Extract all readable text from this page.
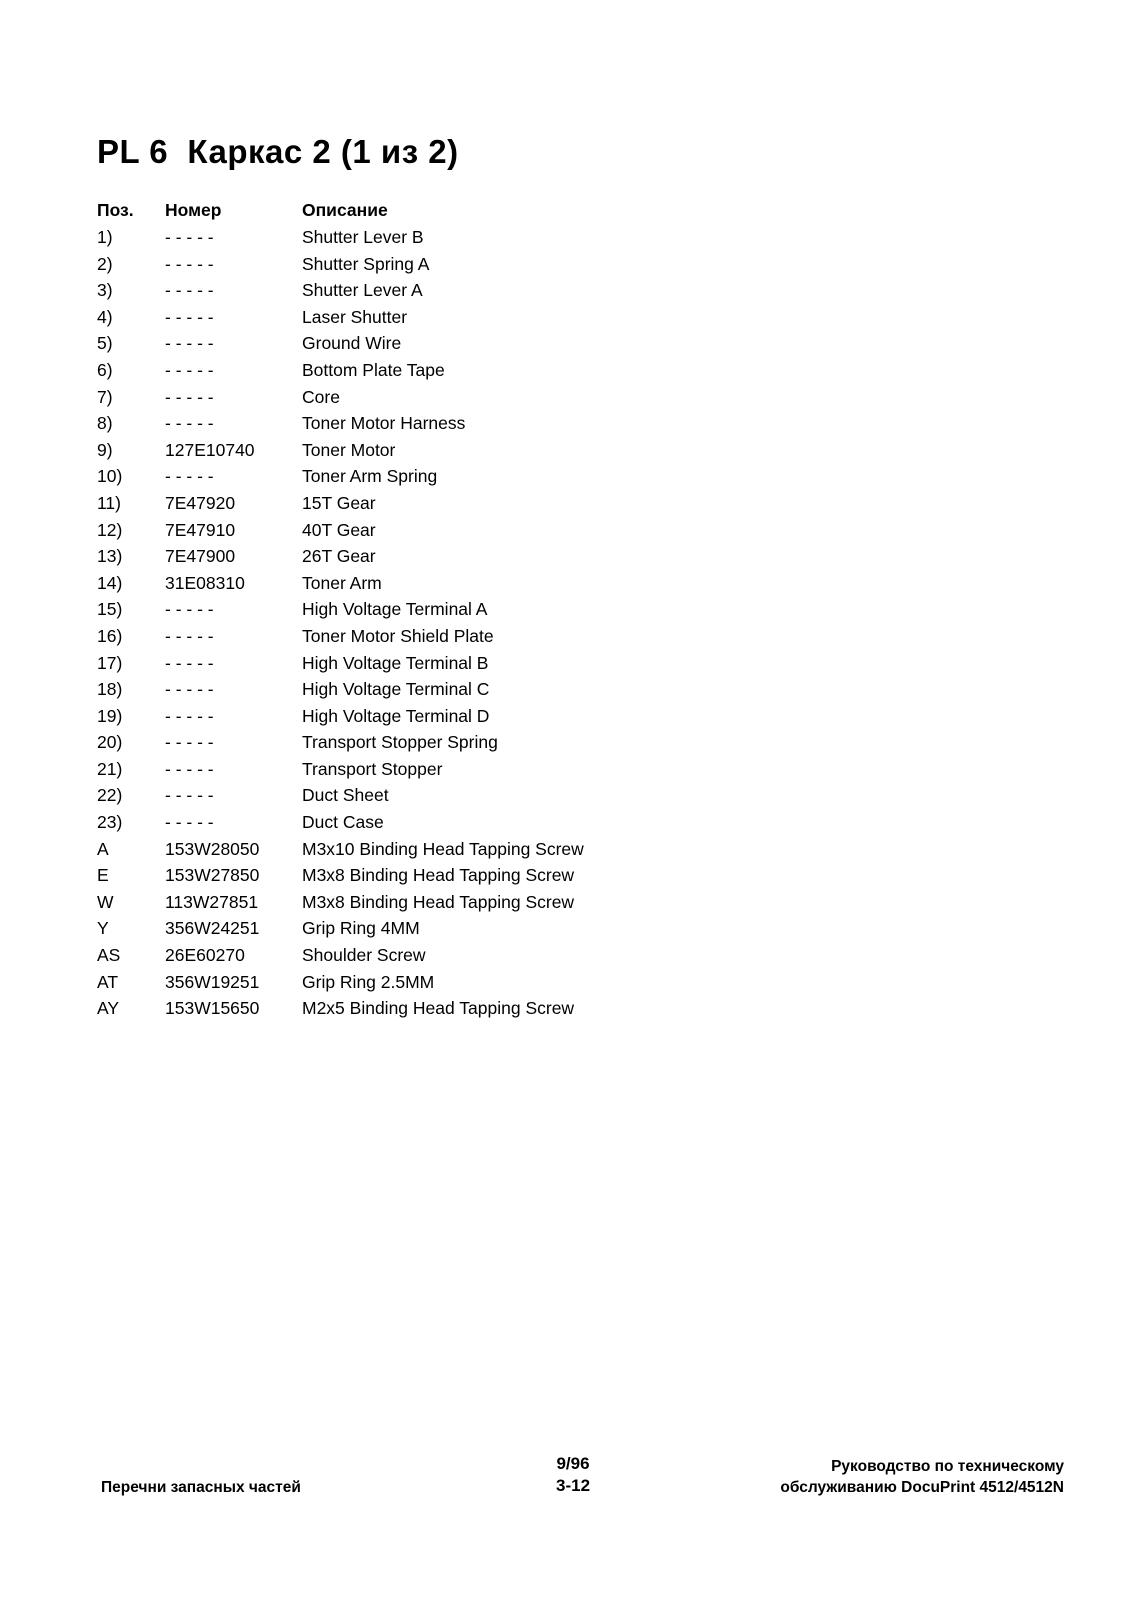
PL 6  Каркас 2 (1 из 2)
Поз.	Номер	Описание
1)	- - - - -	Shutter Lever B
2)	- - - - -	Shutter Spring A
3)	- - - - -	Shutter Lever A
4)	- - - - -	Laser Shutter
5)	- - - - -	Ground Wire
6)	- - - - -	Bottom Plate Tape
7)	- - - - -	Core
8)	- - - - -	Toner Motor Harness
9)	127E10740	Toner Motor
10)	- - - - -	Toner Arm Spring
11)	7E47920	15T Gear
12)	7E47910	40T Gear
13)	7E47900	26T Gear
14)	31E08310	Toner Arm
15)	- - - - -	High Voltage Terminal A
16)	- - - - -	Toner Motor Shield Plate
17)	- - - - -	High Voltage Terminal B
18)	- - - - -	High Voltage Terminal C
19)	- - - - -	High Voltage Terminal D
20)	- - - - -	Transport Stopper Spring
21)	- - - - -	Transport Stopper
22)	- - - - -	Duct Sheet
23)	- - - - -	Duct Case
A	153W28050	M3x10 Binding Head Tapping Screw
E	153W27850	M3x8 Binding Head Tapping Screw
W	113W27851	M3x8 Binding Head Tapping Screw
Y	356W24251	Grip Ring 4MM
AS	26E60270	Shoulder Screw
AT	356W19251	Grip Ring 2.5MM
AY	153W15650	M2x5 Binding Head Tapping Screw
Перечни запасных частей
9/96
3-12
Руководство по техническому
обслуживанию DocuPrint 4512/4512N
